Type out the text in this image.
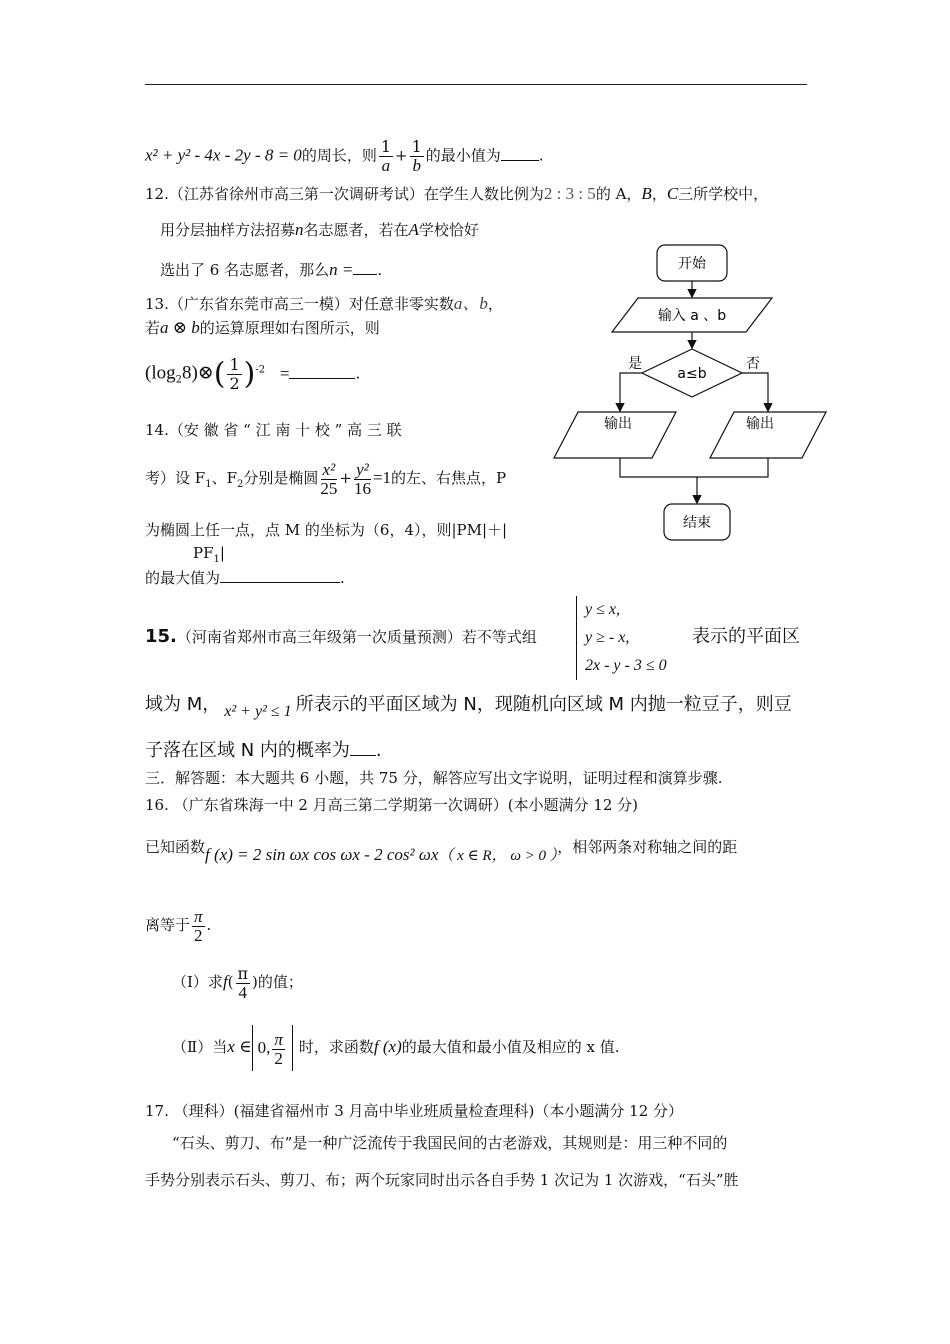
x² + y² - 4x - 2y - 8 = 0的周长，则 $\frac{1}{a} + \frac{1}{b}$ 的最小值为	.
12.（江苏省徐州市高三第一次调研考试）在学生人数比例为2 : 3 : 5的 A，B，C三所学校中，
用分层抽样方法招募n名志愿者，若在A学校恰好
选出了 6 名志愿者，那么n = .
13.（广东省东莞市高三一模）对任意非零实数a、b，
若a ⊗ b的运算原理如右图所示，则
$(\log_28)\otimes( \frac{1}{2} )^{-2}$ =	.
14.（安 徽 省 “ 江 南 十 校 ” 高 三 联
考）设 $F_1$、$F_2$分别是椭圆 $\frac{\text{x²}}{25} + \frac{\text{y²}}{16} =1$的左、右焦点，P
为椭圆上任一点，点 M 的坐标为（6，4），则|PM|＋|
$PF_1|$
的最大值为	.
15.（河南省郑州市高三年级第一次质量预测）若不等式组
y ≤ x,
y ≥ - x,
2x - y - 3 ≤ 0
表示的平面区
域为 M， x² + y² ≤ 1 所表示的平面区域为 N，现随机向区域 M 内抛一粒豆子，则豆
子落在区域 N 内的概率为 .
三．解答题：本大题共 6 小题，共 75 分，解答应写出文字说明，证明过程和演算步骤.
16. （广东省珠海一中 2 月高三第二学期第一次调研）(本小题满分 12 分)
已知函数f (x) = 2 sin ωx cos ωx - 2 cos² ωx（ x ∈ R， ω > 0 ），相邻两条对称轴之间的距
离等于 $\frac{\pi}{2}$ .
（Ⅰ）求$f( \frac{\pi}{4}$ )的值；
（Ⅱ）当x ∈ 0, $\frac{\pi}{2}$ 时，求函数f (x)的最大值和最小值及相应的 x 值.
17. （理科）(福建省福州市 3 月高中毕业班质量检查理科)（本小题满分 12 分）
“石头、剪刀、布”是一种广泛流传于我国民间的古老游戏，其规则是：用三种不同的
手势分别表示石头、剪刀、布；两个玩家同时出示各自手势 1 次记为 1 次游戏，“石头”胜
开始
输入 a 、b
a≤b
是	否
输出	输出
结束
